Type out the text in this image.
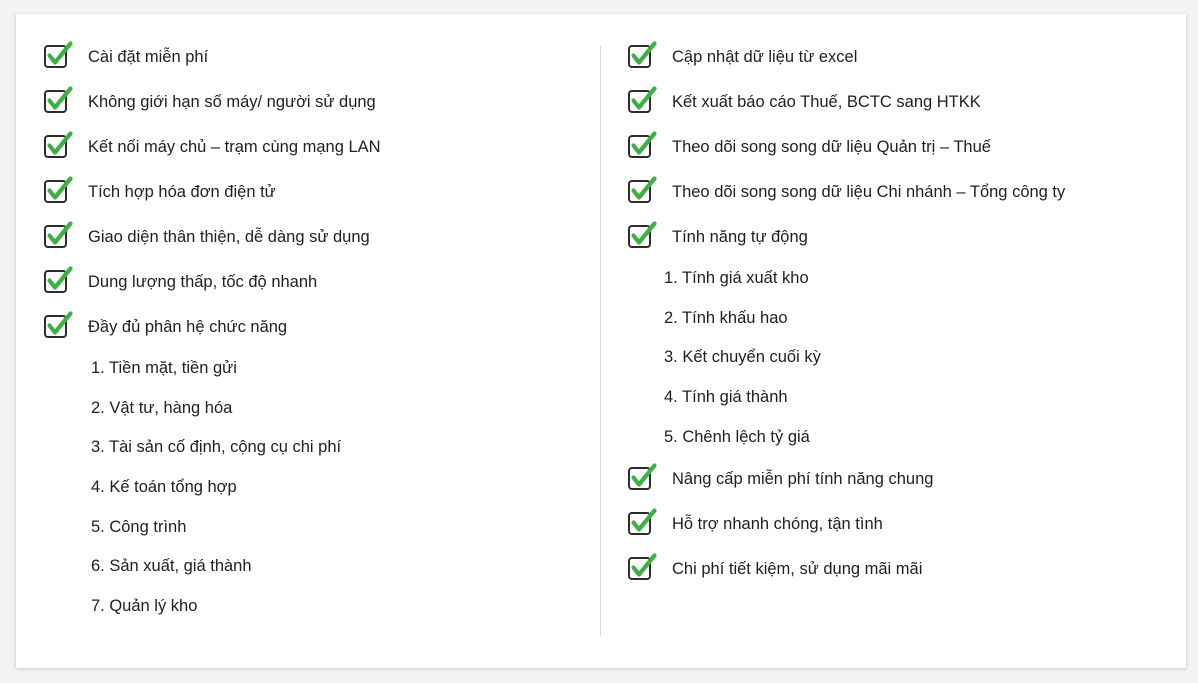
Cài đặt miễn phí
Không giới hạn số máy/ người sử dụng
Kết nối máy chủ – trạm cùng mạng LAN
Tích hợp hóa đơn điện tử
Giao diện thân thiện, dễ dàng sử dụng
Dung lượng thấp, tốc độ nhanh
Đầy đủ phân hệ chức năng
1. Tiền mặt, tiền gửi
2. Vật tư, hàng hóa
3. Tài sản cố định, cộng cụ chi phí
4. Kế toán tổng hợp
5. Công trình
6. Sản xuất, giá thành
7. Quản lý kho
Cập nhật dữ liệu từ excel
Kết xuất báo cáo Thuế, BCTC sang HTKK
Theo dõi song song dữ liệu Quản trị – Thuế
Theo dõi song song dữ liệu Chi nhánh – Tổng công ty
Tính năng tự động
1. Tính giá xuất kho
2. Tính khấu hao
3. Kết chuyển cuối kỳ
4. Tính giá thành
5. Chênh lệch tỷ giá
Nâng cấp miễn phí tính năng chung
Hỗ trợ nhanh chóng, tận tình
Chi phí tiết kiệm, sử dụng mãi mãi
